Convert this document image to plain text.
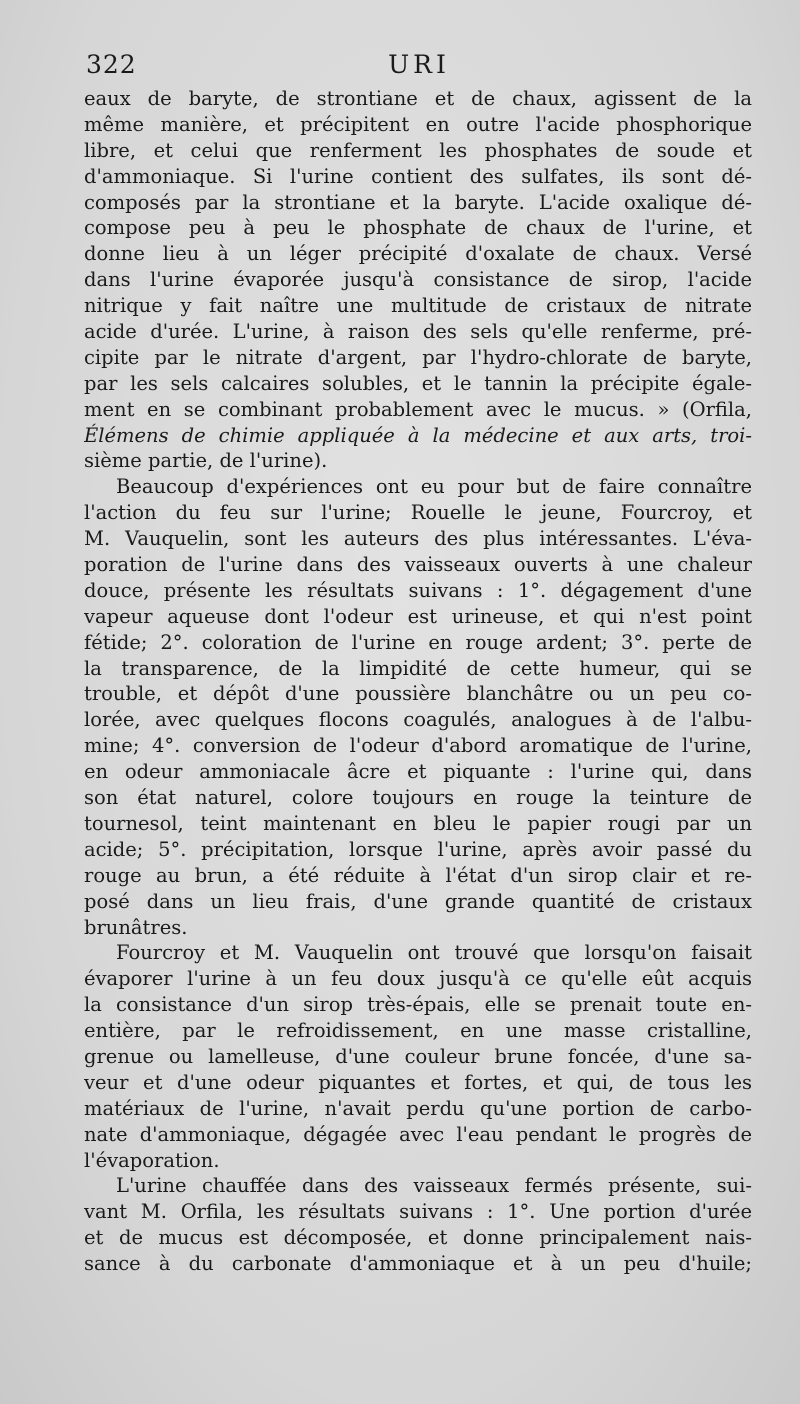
322	URI
eaux de baryte, de strontiane et de chaux, agissent de la
même manière, et précipitent en outre l'acide phosphorique
libre, et celui que renferment les phosphates de soude et
d'ammoniaque. Si l'urine contient des sulfates, ils sont dé-
composés par la strontiane et la baryte. L'acide oxalique dé-
compose peu à peu le phosphate de chaux de l'urine, et
donne lieu à un léger précipité d'oxalate de chaux. Versé
dans l'urine évaporée jusqu'à consistance de sirop, l'acide
nitrique y fait naître une multitude de cristaux de nitrate
acide d'urée. L'urine, à raison des sels qu'elle renferme, pré-
cipite par le nitrate d'argent, par l'hydro-chlorate de baryte,
par les sels calcaires solubles, et le tannin la précipite égale-
ment en se combinant probablement avec le mucus. » (Orfila,
Élémens de chimie appliquée à la médecine et aux arts, troi-
sième partie, de l'urine).
Beaucoup d'expériences ont eu pour but de faire connaître
l'action du feu sur l'urine; Rouelle le jeune, Fourcroy, et
M. Vauquelin, sont les auteurs des plus intéressantes. L'éva-
poration de l'urine dans des vaisseaux ouverts à une chaleur
douce, présente les résultats suivans : 1°. dégagement d'une
vapeur aqueuse dont l'odeur est urineuse, et qui n'est point
fétide; 2°. coloration de l'urine en rouge ardent; 3°. perte de
la transparence, de la limpidité de cette humeur, qui se
trouble, et dépôt d'une poussière blanchâtre ou un peu co-
lorée, avec quelques flocons coagulés, analogues à de l'albu-
mine; 4°. conversion de l'odeur d'abord aromatique de l'urine,
en odeur ammoniacale âcre et piquante : l'urine qui, dans
son état naturel, colore toujours en rouge la teinture de
tournesol, teint maintenant en bleu le papier rougi par un
acide; 5°. précipitation, lorsque l'urine, après avoir passé du
rouge au brun, a été réduite à l'état d'un sirop clair et re-
posé dans un lieu frais, d'une grande quantité de cristaux
brunâtres.
Fourcroy et M. Vauquelin ont trouvé que lorsqu'on faisait
évaporer l'urine à un feu doux jusqu'à ce qu'elle eût acquis
la consistance d'un sirop très-épais, elle se prenait toute en-
entière, par le refroidissement, en une masse cristalline,
grenue ou lamelleuse, d'une couleur brune foncée, d'une sa-
veur et d'une odeur piquantes et fortes, et qui, de tous les
matériaux de l'urine, n'avait perdu qu'une portion de carbo-
nate d'ammoniaque, dégagée avec l'eau pendant le progrès de
l'évaporation.
L'urine chauffée dans des vaisseaux fermés présente, sui-
vant M. Orfila, les résultats suivans : 1°. Une portion d'urée
et de mucus est décomposée, et donne principalement nais-
sance à du carbonate d'ammoniaque et à un peu d'huile;
